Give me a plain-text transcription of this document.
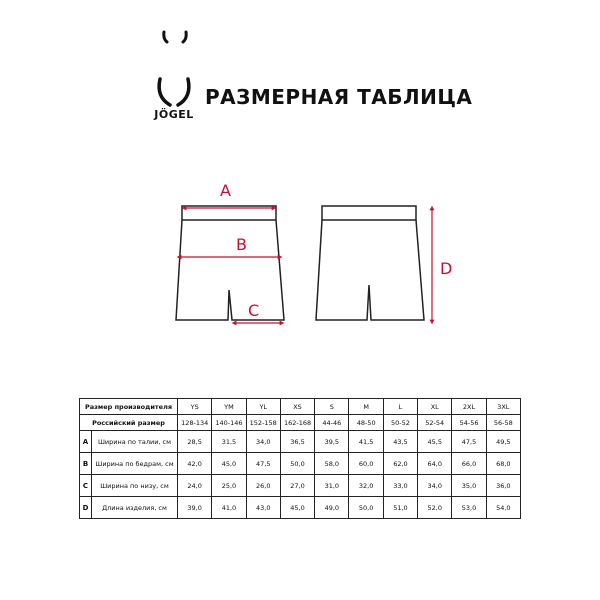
JÖGEL
РАЗМЕРНАЯ ТАБЛИЦА
A
B
C
D
Размер производителя		YS	YM	YL	XS	S	M	L	XL	2XL	3XL
Российский размер		128-134	140-146	152-158	162-168	44-46	48-50	50-52	52-54	54-56	56-58
A	Ширина по талии, см	28,5	31,5	34,0	36,5	39,5	41,5	43,5	45,5	47,5	49,5
B	Ширина по бедрам, см	42,0	45,0	47,5	50,0	58,0	60,0	62,0	64,0	66,0	68,0
C	Ширина по низу, см	24,0	25,0	26,0	27,0	31,0	32,0	33,0	34,0	35,0	36,0
D	Длина изделия, см	39,0	41,0	43,0	45,0	49,0	50,0	51,0	52,0	53,0	54,0
